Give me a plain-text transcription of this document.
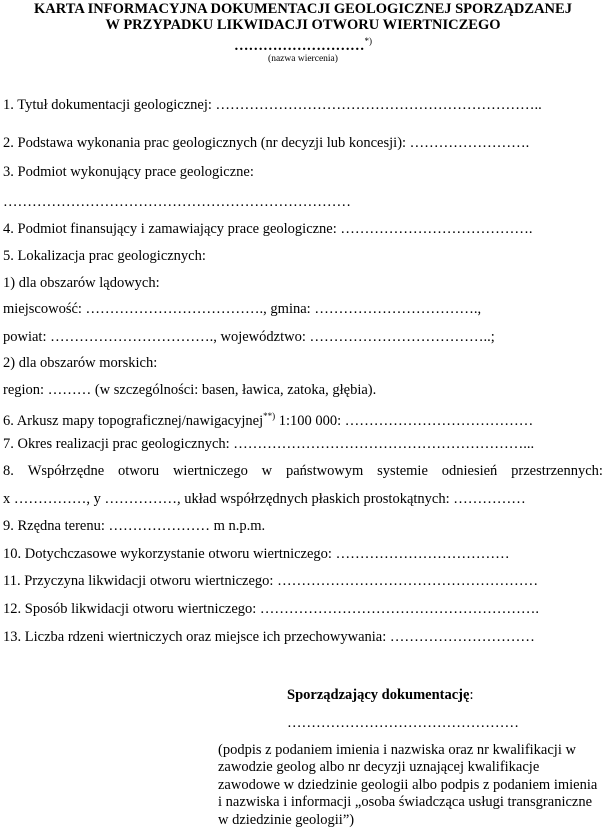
KARTA INFORMACYJNA DOKUMENTACJI GEOLOGICZNEJ SPORZĄDZANEJ
W PRZYPADKU LIKWIDACJI OTWORU WIERTNICZEGO
………………………*)
(nazwa wiercenia)
1. Tytuł dokumentacji geologicznej: …………………………………………………………..
2. Podstawa wykonania prac geologicznych (nr decyzji lub koncesji): …………………….
3. Podmiot wykonujący prace geologiczne:
………………………………………………………………
4. Podmiot finansujący i zamawiający prace geologiczne: ………………………………….
5. Lokalizacja prac geologicznych:
1) dla obszarów lądowych:
miejscowość: ………………………………., gmina: …………………………….,
powiat: ……………………………., województwo: ………………………………..;
2) dla obszarów morskich:
region: ……… (w szczególności: basen, ławica, zatoka, głębia).
6. Arkusz mapy topograficznej/nawigacyjnej**) 1:100 000: …………………………………
7. Okres realizacji prac geologicznych: ……………………………………………………...
8. Współrzędne otworu wiertniczego w państwowym systemie odniesień przestrzennych:
x ……………, y ……………, układ współrzędnych płaskich prostokątnych: ……………
9. Rzędna terenu: ………………… m n.p.m.
10. Dotychczasowe wykorzystanie otworu wiertniczego: ………………………………
11. Przyczyna likwidacji otworu wiertniczego: ………………………………………………
12. Sposób likwidacji otworu wiertniczego: ………………………………………………….
13. Liczba rdzeni wiertniczych oraz miejsce ich przechowywania: …………………………
Sporządzający dokumentację:
…………………………………………
(podpis z podaniem imienia i nazwiska oraz nr kwalifikacji w zawodzie geolog albo nr decyzji uznającej kwalifikacje zawodowe w dziedzinie geologii albo podpis z podaniem imienia i nazwiska i informacji „osoba świadcząca usługi transgraniczne w dziedzinie geologii”)
